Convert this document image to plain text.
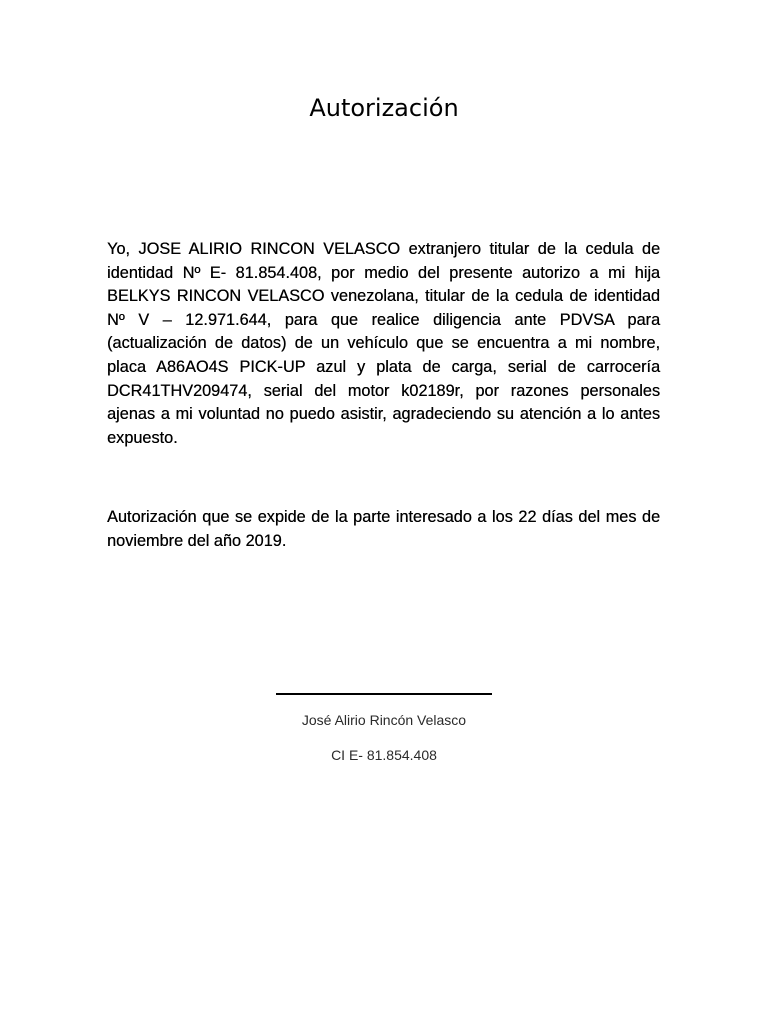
Autorización
Yo, JOSE ALIRIO RINCON VELASCO extranjero titular de la cedula de identidad Nº E- 81.854.408, por medio del presente autorizo a mi hija BELKYS RINCON VELASCO venezolana, titular de la cedula de identidad Nº V – 12.971.644, para que realice diligencia ante PDVSA para (actualización de datos) de un vehículo que se encuentra a mi nombre, placa A86AO4S PICK-UP azul y plata de carga, serial de carrocería DCR41THV209474, serial del motor k02189r, por razones personales ajenas a mi voluntad no puedo asistir, agradeciendo su atención a lo antes expuesto.
Autorización que se expide de la parte interesado a los 22 días del mes de noviembre del año 2019.
José Alirio Rincón Velasco
CI E- 81.854.408
